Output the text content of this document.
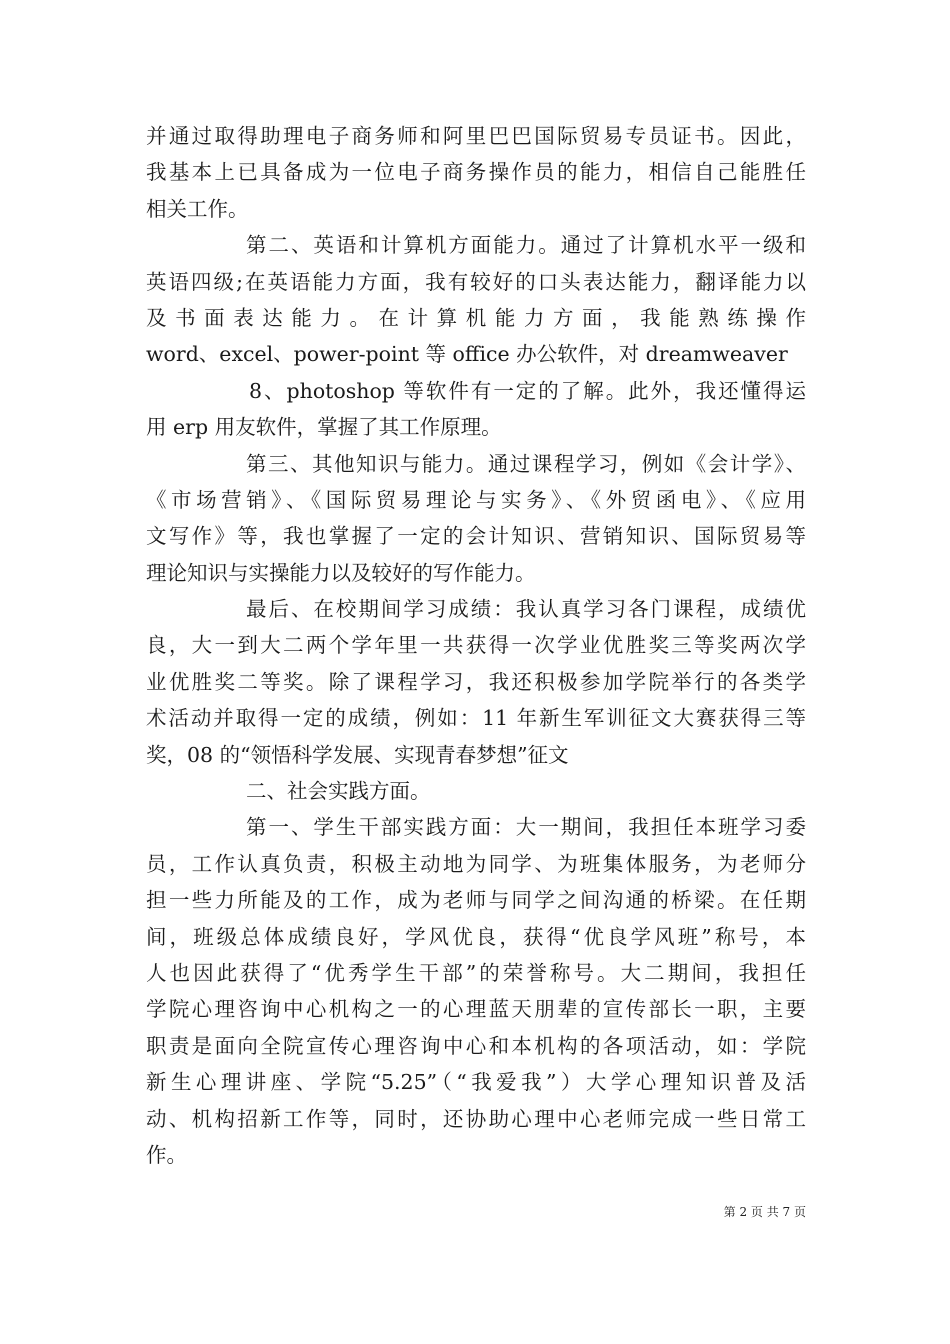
并通过取得助理电子商务师和阿里巴巴国际贸易专员证书。因此，
我基本上已具备成为一位电子商务操作员的能力，相信自己能胜任
相关工作。
第二、英语和计算机方面能力。通过了计算机水平一级和
英语四级;在英语能力方面，我有较好的口头表达能力，翻译能力以
及书面表达能力。在计算机能力方面，我能熟练操作
word、excel、power-point 等 office 办公软件，对 dreamweaver
8、photoshop 等软件有一定的了解。此外，我还懂得运
用 erp 用友软件，掌握了其工作原理。
第三、其他知识与能力。通过课程学习，例如《会计学》、
《市场营销》、《国际贸易理论与实务》、《外贸函电》、《应用
文写作》等，我也掌握了一定的会计知识、营销知识、国际贸易等
理论知识与实操能力以及较好的写作能力。
最后、在校期间学习成绩：我认真学习各门课程，成绩优
良，大一到大二两个学年里一共获得一次学业优胜奖三等奖两次学
业优胜奖二等奖。除了课程学习，我还积极参加学院举行的各类学
术活动并取得一定的成绩，例如：11 年新生军训征文大赛获得三等
奖，08 的“领悟科学发展、实现青春梦想”征文
二、社会实践方面。
第一、学生干部实践方面：大一期间，我担任本班学习委
员，工作认真负责，积极主动地为同学、为班集体服务，为老师分
担一些力所能及的工作，成为老师与同学之间沟通的桥梁。在任期
间，班级总体成绩良好，学风优良，获得“优良学风班”称号，本
人也因此获得了“优秀学生干部”的荣誉称号。大二期间，我担任
学院心理咨询中心机构之一的心理蓝天朋辈的宣传部长一职，主要
职责是面向全院宣传心理咨询中心和本机构的各项活动，如：学院
新生心理讲座、学院“5.25”（“我爱我”）大学心理知识普及活
动、机构招新工作等，同时，还协助心理中心老师完成一些日常工
作。
第 2 页 共 7 页
